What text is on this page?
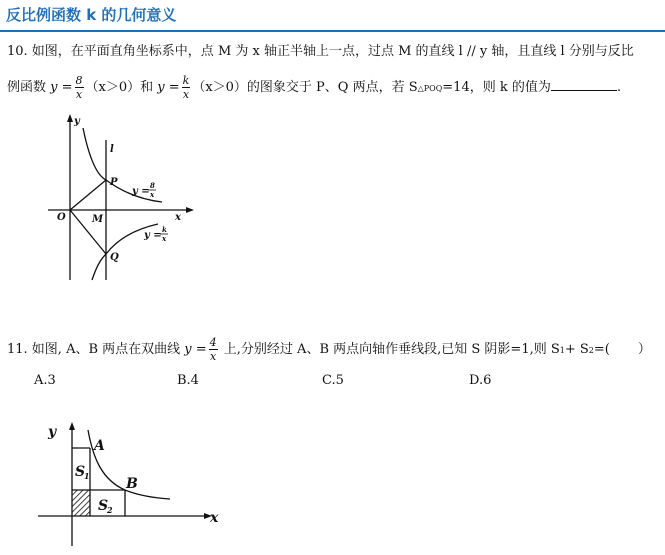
反比例函数 k 的几何意义
10. 如图，在平面直角坐标系中，点 M 为 x 轴正半轴上一点，过点 M 的直线 l // y 轴，且直线 l 分别与反比
例函数 $y = \frac{8}{x} (x>0)$和 $y = \frac{k}{x} (x>0)$的图象交于 P、Q 两点，若 S△POQ=14，则 k 的值为	.
y
x
O	M
P
Q
l
y =
y =
8
x
k
x
11. 如图, A、B 两点在双曲线 $y = \frac{4}{x}$ 上,分别经过 A、B 两点向轴作垂线段,已知 S 阴影=1,则 S1+ S2=( ）
A.3	B.4	C.5	D.6
y
x
A
B
S
S
1
2
